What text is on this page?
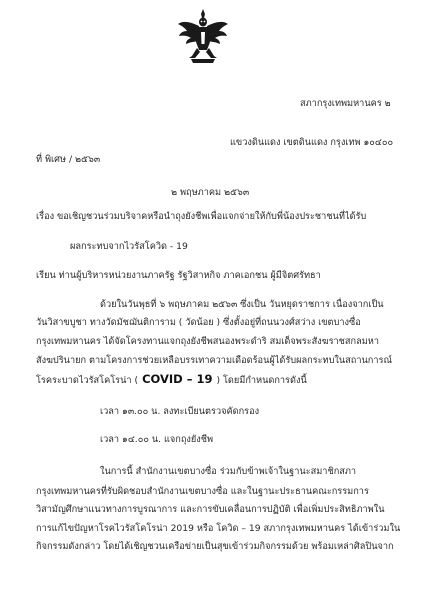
สภากรุงเทพมหานคร ๒
แขวงดินแดง เขตดินแดง กรุงเทพ ๑๐๔๐๐
ที่ พิเศษ / ๒๕๖๓
๒ พฤษภาคม ๒๕๖๓
เรื่อง ขอเชิญชวนร่วมบริจาคหรือนำถุงยังชีพเพื่อแจกจ่ายให้กับพี่น้องประชาชนที่ได้รับ
ผลกระทบจากไวรัสโควิด - 19
เรียน ท่านผู้บริหารหน่วยงานภาครัฐ รัฐวิสาหกิจ ภาคเอกชน ผู้มีจิตศรัทธา
ด้วยในวันพุธที่ ๖ พฤษภาคม ๒๕๖๓ ซึ่งเป็น วันหยุดราชการ เนื่องจากเป็น
วันวิสาขบูชา ทางวัดมัชฌันติการาม ( วัดน้อย ) ซึ่งตั้งอยู่ที่ถนนวงศ์สว่าง เขตบางซื่อ
กรุงเทพมหานคร ได้จัดโครงทานแจกถุงยังชีพสนองพระดำริ สมเด็จพระสังฆราชสกลมหา
สังฆปรินายก ตามโครงการช่วยเหลือบรรเทาความเดือดร้อนผู้ได้รับผลกระทบในสถานการณ์
โรคระบาดไวรัสโคโรน่า ( COVID – 19 ) โดยมีกำหนดการดังนี้
เวลา ๑๓.๐๐ น. ลงทะเบียนตรวจคัดกรอง
เวลา ๑๔.๐๐ น. แจกถุงยังชีพ
ในการนี้ สำนักงานเขตบางซื่อ ร่วมกับข้าพเจ้าในฐานะสมาชิกสภา
กรุงเทพมหานครที่รับผิดชอบสำนักงานเขตบางซื่อ และในฐานะประธานคณะกรรมการ
วิสามัญศึกษาแนวทางการบูรณาการ และการขับเคลื่อนการปฏิบัติ เพื่อเพิ่มประสิทธิภาพใน
การแก้ไขปัญหาโรคไวรัสโคโรน่า 2019 หรือ โควิด – 19 สภากรุงเทพมหานคร ได้เข้าร่วมใน
กิจกรรมดังกล่าว โดยได้เชิญชวนเครือข่ายเป็นสุขเข้าร่วมกิจกรรมด้วย พร้อมเหล่าศิลปินจาก
